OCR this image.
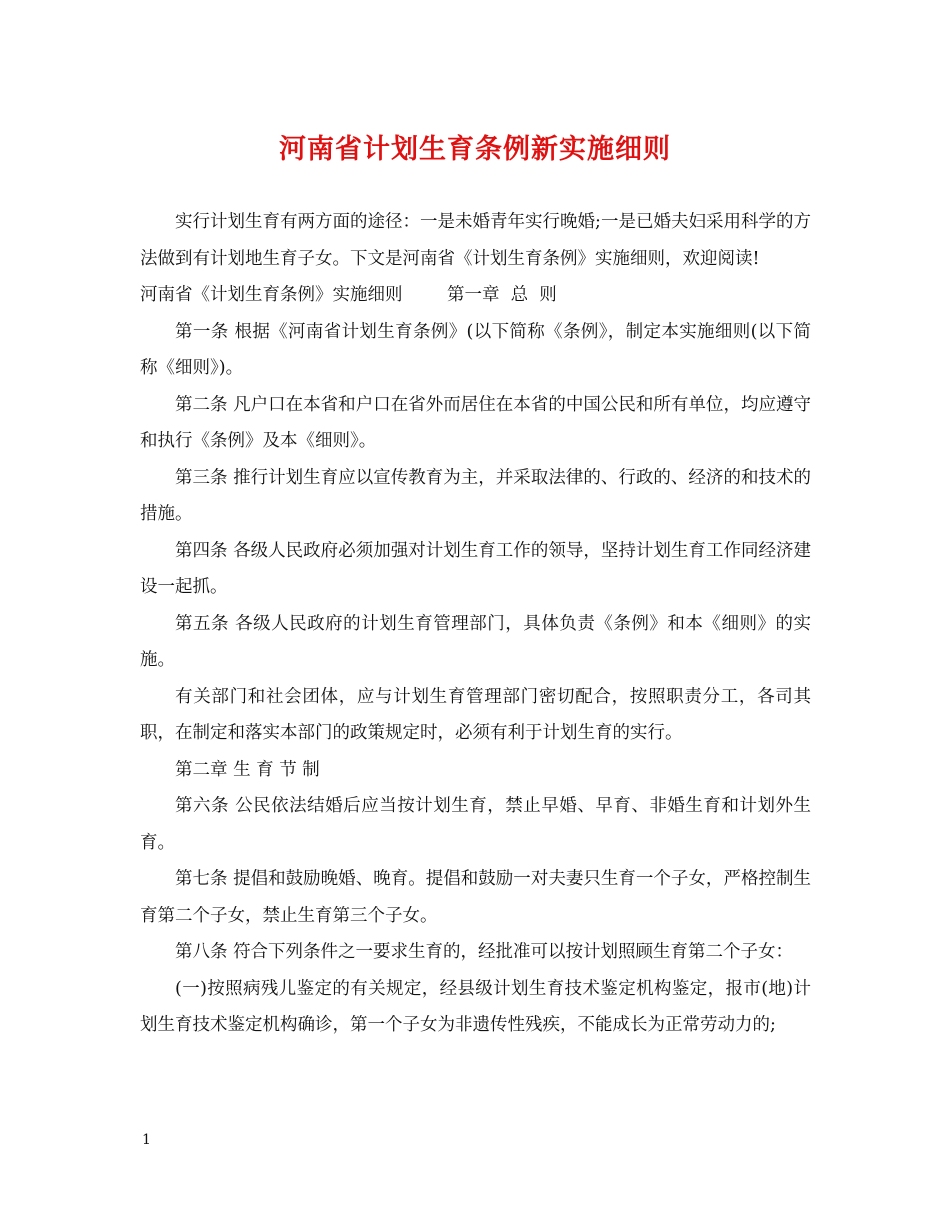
河南省计划生育条例新实施细则

实行计划生育有两方面的途径：一是未婚青年实行晚婚;一是已婚夫妇采用科学的方法做到有计划地生育子女。下文是河南省《计划生育条例》实施细则，欢迎阅读!

河南省《计划生育条例》实施细则	第一章  总  则

第一条 根据《河南省计划生育条例》(以下简称《条例》，制定本实施细则(以下简称《细则》)。

第二条 凡户口在本省和户口在省外而居住在本省的中国公民和所有单位，均应遵守和执行《条例》及本《细则》。

第三条 推行计划生育应以宣传教育为主，并采取法律的、行政的、经济的和技术的措施。

第四条 各级人民政府必须加强对计划生育工作的领导，坚持计划生育工作同经济建设一起抓。

第五条 各级人民政府的计划生育管理部门，具体负责《条例》和本《细则》的实施。

有关部门和社会团体，应与计划生育管理部门密切配合，按照职责分工，各司其职，在制定和落实本部门的政策规定时，必须有利于计划生育的实行。

第二章 生 育 节 制

第六条 公民依法结婚后应当按计划生育，禁止早婚、早育、非婚生育和计划外生育。

第七条 提倡和鼓励晚婚、晚育。提倡和鼓励一对夫妻只生育一个子女，严格控制生育第二个子女，禁止生育第三个子女。

第八条 符合下列条件之一要求生育的，经批准可以按计划照顾生育第二个子女：

(一)按照病残儿鉴定的有关规定，经县级计划生育技术鉴定机构鉴定，报市(地)计划生育技术鉴定机构确诊，第一个子女为非遗传性残疾，不能成长为正常劳动力的;

1
